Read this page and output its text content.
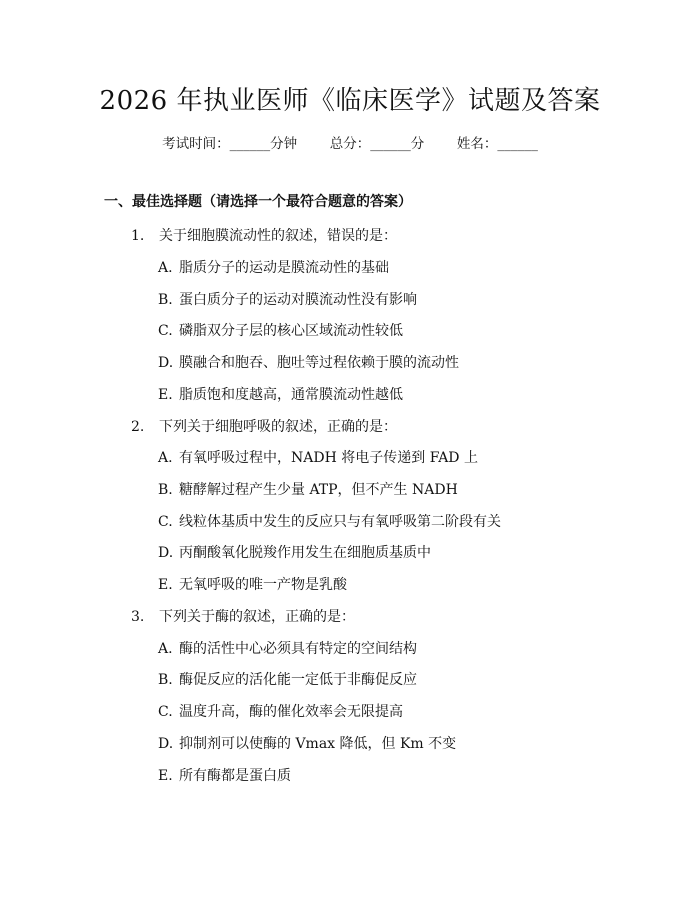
2026 年执业医师《临床医学》试题及答案
考试时间：______分钟 总分：______分 姓名：______
一、最佳选择题（请选择一个最符合题意的答案）
1. 关于细胞膜流动性的叙述，错误的是：
A. 脂质分子的运动是膜流动性的基础
B. 蛋白质分子的运动对膜流动性没有影响
C. 磷脂双分子层的核心区域流动性较低
D. 膜融合和胞吞、胞吐等过程依赖于膜的流动性
E. 脂质饱和度越高，通常膜流动性越低
2. 下列关于细胞呼吸的叙述，正确的是：
A. 有氧呼吸过程中，NADH 将电子传递到 FAD 上
B. 糖酵解过程产生少量 ATP，但不产生 NADH
C. 线粒体基质中发生的反应只与有氧呼吸第二阶段有关
D. 丙酮酸氧化脱羧作用发生在细胞质基质中
E. 无氧呼吸的唯一产物是乳酸
3. 下列关于酶的叙述，正确的是：
A. 酶的活性中心必须具有特定的空间结构
B. 酶促反应的活化能一定低于非酶促反应
C. 温度升高，酶的催化效率会无限提高
D. 抑制剂可以使酶的 Vmax 降低，但 Km 不变
E. 所有酶都是蛋白质
